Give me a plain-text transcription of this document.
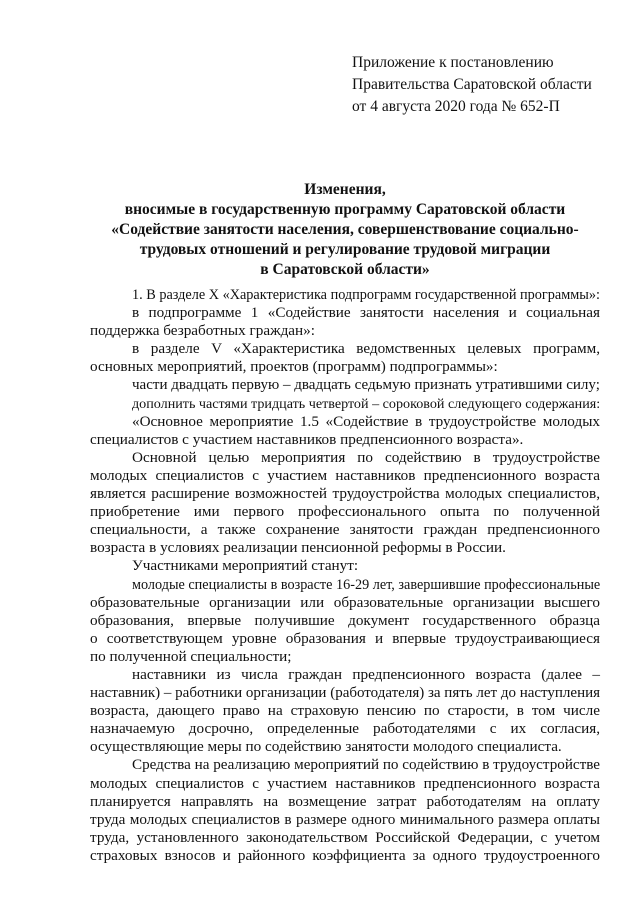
Приложение к постановлению
Правительства Саратовской области
от 4 августа 2020 года № 652-П
Изменения,
вносимые в государственную программу Саратовской области
«Содействие занятости населения, совершенствование социально-
трудовых отношений и регулирование трудовой миграции
в Саратовской области»
1. В разделе X «Характеристика подпрограмм государственной программы»:
в подпрограмме 1 «Содействие занятости населения и социальная
поддержка безработных граждан»:
в разделе V «Характеристика ведомственных целевых программ,
основных мероприятий, проектов (программ) подпрограммы»:
части двадцать первую – двадцать седьмую признать утратившими силу;
дополнить частями тридцать четвертой – сороковой следующего содержания:
«Основное мероприятие 1.5 «Содействие в трудоустройстве молодых
специалистов с участием наставников предпенсионного возраста».
Основной целью мероприятия по содействию в трудоустройстве
молодых специалистов с участием наставников предпенсионного возраста
является расширение возможностей трудоустройства молодых специалистов,
приобретение ими первого профессионального опыта по полученной
специальности, а также сохранение занятости граждан предпенсионного
возраста в условиях реализации пенсионной реформы в России.
Участниками мероприятий станут:
молодые специалисты в возрасте 16-29 лет, завершившие профессиональные
образовательные организации или образовательные организации высшего
образования, впервые получившие документ государственного образца
о соответствующем уровне образования и впервые трудоустраивающиеся
по полученной специальности;
наставники из числа граждан предпенсионного возраста (далее –
наставник) – работники организации (работодателя) за пять лет до наступления
возраста, дающего право на страховую пенсию по старости, в том числе
назначаемую досрочно, определенные работодателями с их согласия,
осуществляющие меры по содействию занятости молодого специалиста.
Средства на реализацию мероприятий по содействию в трудоустройстве
молодых специалистов с участием наставников предпенсионного возраста
планируется направлять на возмещение затрат работодателям на оплату
труда молодых специалистов в размере одного минимального размера оплаты
труда, установленного законодательством Российской Федерации, с учетом
страховых взносов и районного коэффициента за одного трудоустроенного
